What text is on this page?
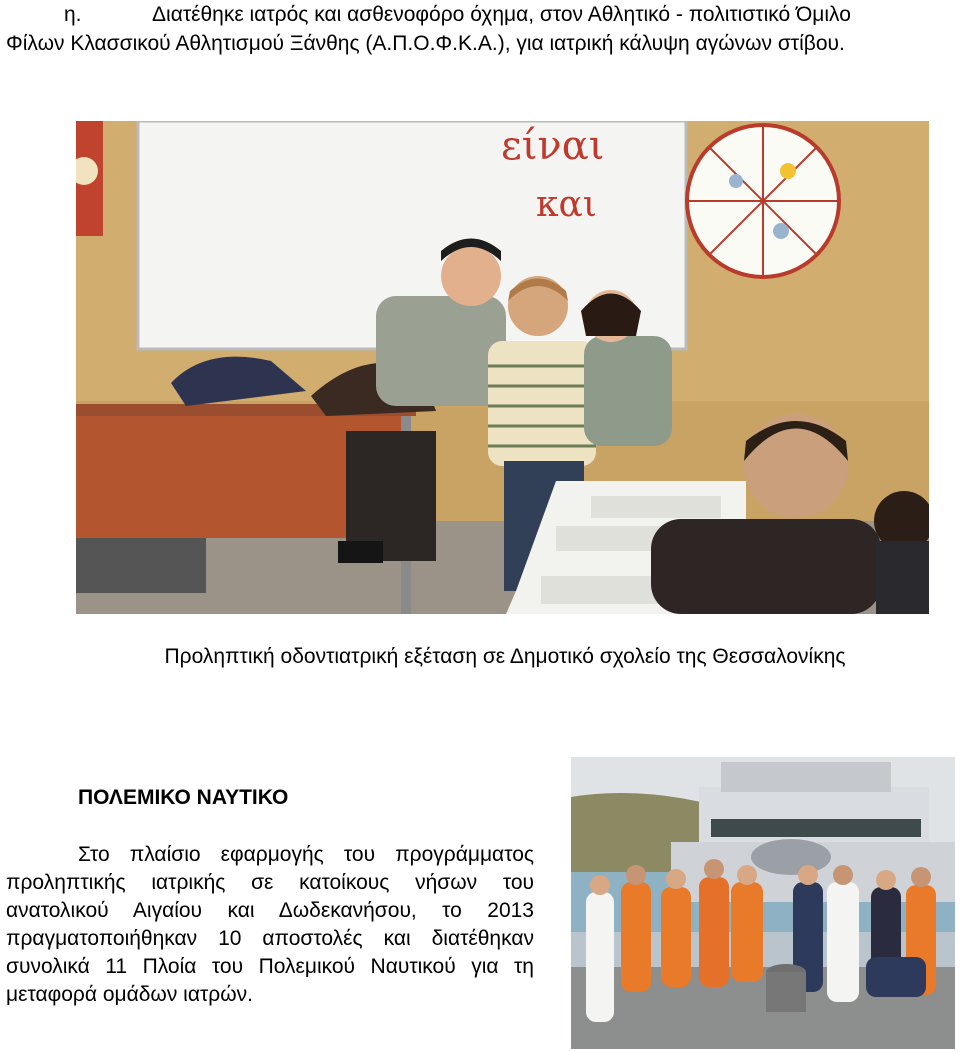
η.	Διατέθηκε ιατρός και ασθενοφόρο όχημα, στον Αθλητικό - πολιτιστικό Όμιλο Φίλων Κλασσικού Αθλητισμού Ξάνθης (Α.Π.Ο.Φ.Κ.Α.), για ιατρική κάλυψη αγώνων στίβου.
είναι
και
Προληπτική οδοντιατρική εξέταση σε Δημοτικό σχολείο της Θεσσαλονίκης
ΠΟΛΕΜΙΚΟ ΝΑΥΤΙΚΟ
Στο πλαίσιο εφαρμογής του προγράμματος προληπτικής ιατρικής σε κατοίκους νήσων του ανατολικού Αιγαίου και Δωδεκανήσου, το 2013 πραγματοποιήθηκαν 10 αποστολές και διατέθηκαν συνολικά 11 Πλοία του Πολεμικού Ναυτικού για τη μεταφορά ομάδων ιατρών.
